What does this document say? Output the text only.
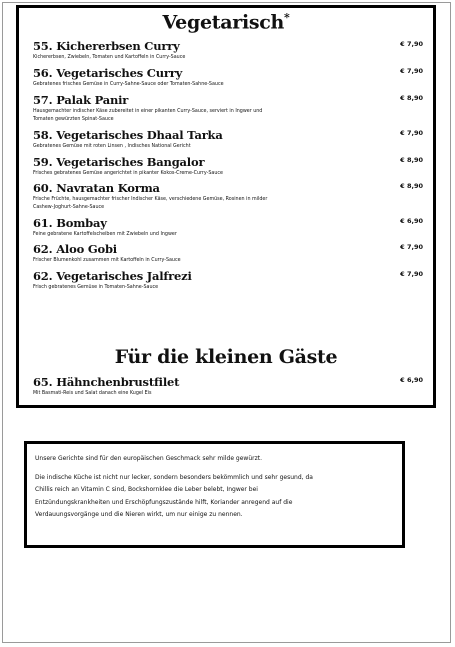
Vegetarisch*
55. Kichererbsen Curry
Kichererbsen, Zwiebeln, Tomaten und Kartoffeln in Curry-Sauce
€ 7,90
56. Vegetarisches Curry
Gebratenes frisches Gemüse in Curry-Sahne-Sauce oder Tomaten-Sahne-Sauce
€ 7,90
57. Palak Panir
Hausgemachter indischer Käse zubereitet in einer pikanten Curry-Sauce, serviert in Ingwer und
Tomaten gewürzten Spinat-Sauce
€ 8,90
58. Vegetarisches Dhaal Tarka
Gebratenes Gemüse mit roten Linsen , Indisches National Gericht
€ 7,90
59. Vegetarisches Bangalor
Frisches gebratenes Gemüse angerichtet in pikanter Kokos-Creme-Curry-Sauce
€ 8,90
60. Navratan Korma
Frische Früchte, hausgemachter frischer Indischer Käse, verschiedene Gemüse, Rosinen in milder
Cashew-Joghurt-Sahne-Sauce
€ 8,90
61. Bombay
Feine gebratene Kartoffelscheiben mit Zwiebeln und Ingwer
€ 6,90
62. Aloo Gobi
Frischer Blumenkohl zusammen mit Kartoffeln in Curry-Sauce
€ 7,90
62. Vegetarisches Jalfrezi
Frisch gebratenes Gemüse in Tomaten-Sahne-Sauce
€ 7,90
Für die kleinen Gäste
65. Hähnchenbrustfilet
Mit Basmati-Reis und Salat danach eine Kugel Eis
€ 6,90

Unsere Gerichte sind für den europäischen Geschmack sehr milde gewürzt.

Die indische Küche ist nicht nur lecker, sondern besonders bekömmlich und sehr gesund, da
Chillis reich an Vitamin C sind, Bockshornklee die Leber belebt, Ingwer bei
Entzündungskrankheiten und Erschöpfungszustände hilft, Koriander anregend auf die
Verdauungsvorgänge und die Nieren wirkt, um nur einige zu nennen.
